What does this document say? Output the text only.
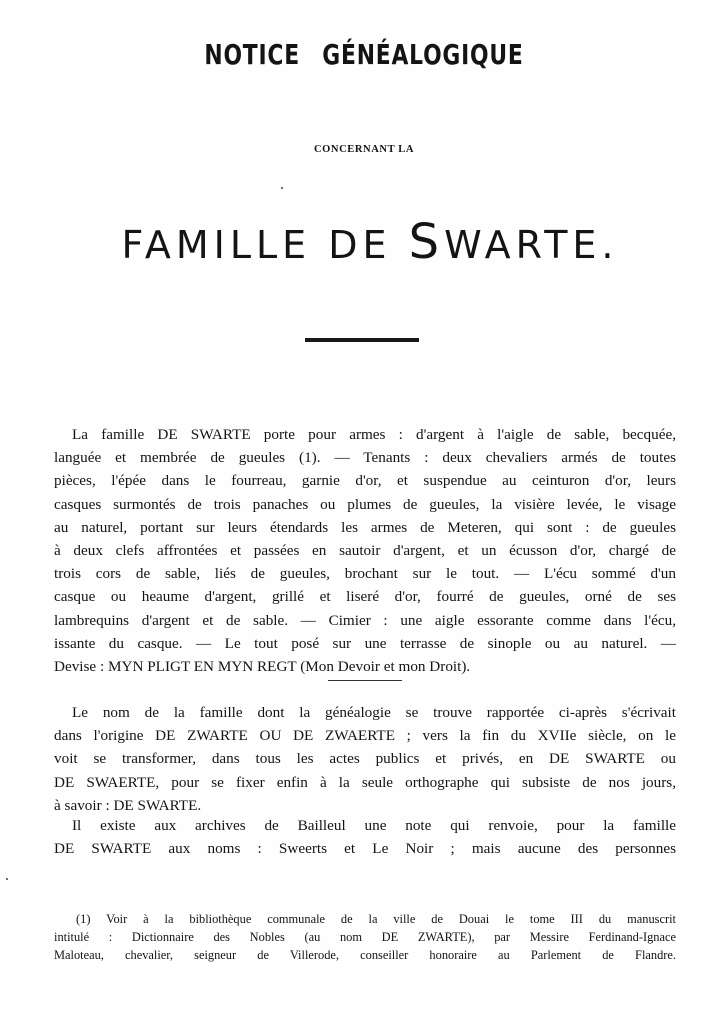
NOTICE GÉNÉALOGIQUE
CONCERNANT LA
FAMILLE DE SWARTE.
La famille DE SWARTE porte pour armes : d'argent à l'aigle de sable, becquée,
languée et membrée de gueules (1). — Tenants : deux chevaliers armés de toutes
pièces, l'épée dans le fourreau, garnie d'or, et suspendue au ceinturon d'or, leurs
casques surmontés de trois panaches ou plumes de gueules, la visière levée, le visage
au naturel, portant sur leurs étendards les armes de Meteren, qui sont : de gueules
à deux clefs affrontées et passées en sautoir d'argent, et un écusson d'or, chargé de
trois cors de sable, liés de gueules, brochant sur le tout. — L'écu sommé d'un
casque ou heaume d'argent, grillé et liseré d'or, fourré de gueules, orné de ses
lambrequins d'argent et de sable. — Cimier : une aigle essorante comme dans l'écu,
issante du casque. — Le tout posé sur une terrasse de sinople ou au naturel. —
Devise : MYN PLIGT EN MYN REGT (Mon Devoir et mon Droit).
Le nom de la famille dont la généalogie se trouve rapportée ci-après s'écrivait
dans l'origine DE ZWARTE OU DE ZWAERTE ; vers la fin du XVIIe siècle, on le
voit se transformer, dans tous les actes publics et privés, en DE SWARTE ou
DE SWAERTE, pour se fixer enfin à la seule orthographe qui subsiste de nos jours,
à savoir : DE SWARTE.
Il existe aux archives de Bailleul une note qui renvoie, pour la famille
DE SWARTE aux noms : Sweerts et Le Noir ; mais aucune des personnes
(1) Voir à la bibliothèque communale de la ville de Douai le tome III du manuscrit
intitulé : Dictionnaire des Nobles (au nom DE ZWARTE), par Messire Ferdinand-Ignace
Maloteau, chevalier, seigneur de Villerode, conseiller honoraire au Parlement de Flandre.
